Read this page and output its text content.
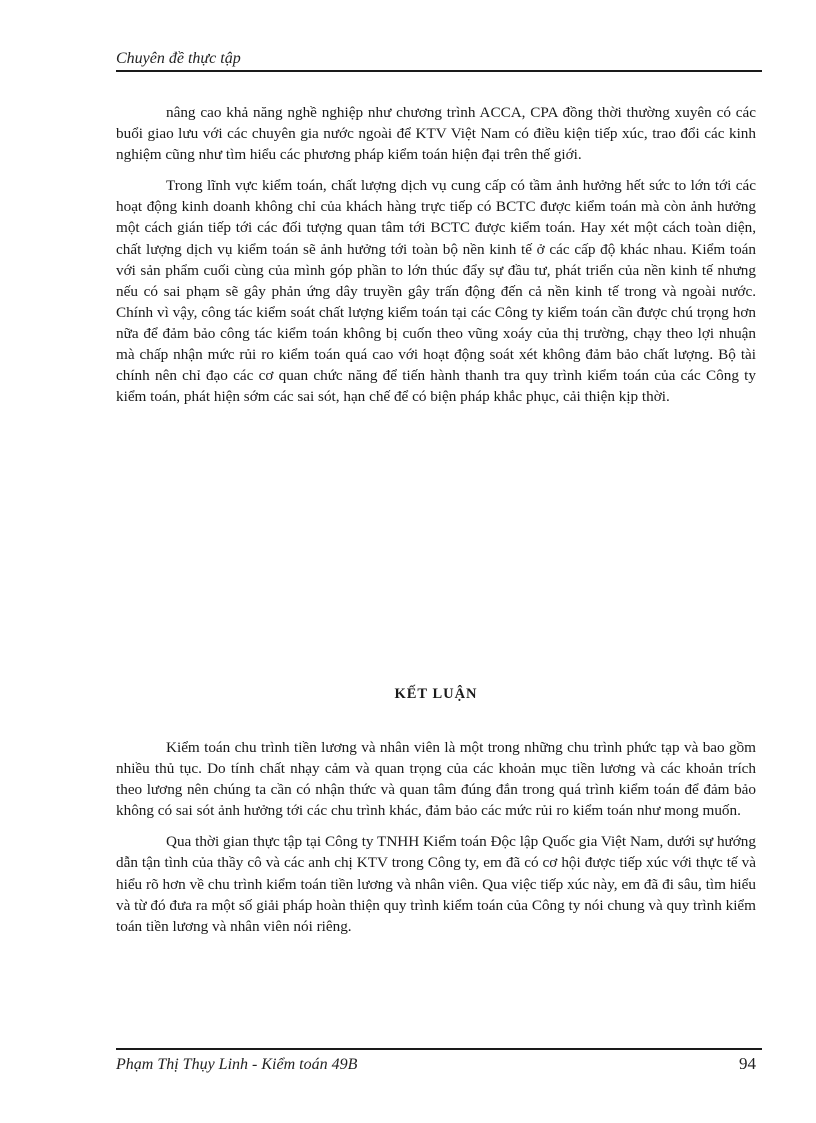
Chuyên đề thực tập

nâng cao khả năng nghề nghiệp như chương trình ACCA, CPA đồng thời thường xuyên có các buổi giao lưu với các chuyên gia nước ngoài để KTV Việt Nam có điều kiện tiếp xúc, trao đổi các kinh nghiệm cũng như tìm hiểu các phương pháp kiểm toán hiện đại trên thế giới.

Trong lĩnh vực kiểm toán, chất lượng dịch vụ cung cấp có tầm ảnh hưởng hết sức to lớn tới các hoạt động kinh doanh không chỉ của khách hàng trực tiếp có BCTC được kiểm toán mà còn ảnh hưởng một cách gián tiếp tới các đối tượng quan tâm tới BCTC được kiểm toán. Hay xét một cách toàn diện, chất lượng dịch vụ kiểm toán sẽ ảnh hưởng tới toàn bộ nền kinh tế ở các cấp độ khác nhau. Kiểm toán với sản phẩm cuối cùng của mình góp phần to lớn thúc đẩy sự đầu tư, phát triển của nền kinh tế nhưng nếu có sai phạm sẽ gây phản ứng dây truyền gây trấn động đến cả nền kinh tế trong và ngoài nước. Chính vì vậy, công tác kiểm soát chất lượng kiểm toán tại các Công ty kiểm toán cần được chú trọng hơn nữa để đảm bảo công tác kiểm toán không bị cuốn theo vũng xoáy của thị trường, chạy theo lợi nhuận mà chấp nhận mức rủi ro kiểm toán quá cao với hoạt động soát xét không đảm bảo chất lượng. Bộ tài chính nên chỉ đạo các cơ quan chức năng để tiến hành thanh tra quy trình kiểm toán của các Công ty kiểm toán, phát hiện sớm các sai sót, hạn chế để có biện pháp khắc phục, cải thiện kịp thời.

KẾT LUẬN

Kiểm toán chu trình tiền lương và nhân viên là một trong những chu trình phức tạp và bao gồm nhiều thủ tục. Do tính chất nhạy cảm và quan trọng của các khoản mục tiền lương và các khoản trích theo lương nên chúng ta cần có nhận thức và quan tâm đúng đắn trong quá trình kiểm toán để đảm bảo không có sai sót ảnh hưởng tới các chu trình khác, đảm bảo các mức rủi ro kiểm toán như mong muốn.

Qua thời gian thực tập tại Công ty TNHH Kiểm toán Độc lập Quốc gia Việt Nam, dưới sự hướng dẫn tận tình của thầy cô và các anh chị KTV trong Công ty, em đã có cơ hội được tiếp xúc với thực tế và hiểu rõ hơn về chu trình kiểm toán tiền lương và nhân viên. Qua việc tiếp xúc này, em đã đi sâu, tìm hiểu và từ đó đưa ra một số giải pháp hoàn thiện quy trình kiểm toán của Công ty nói chung và quy trình kiểm toán tiền lương và nhân viên nói riêng.

Phạm Thị Thụy Linh - Kiểm toán 49B	94
